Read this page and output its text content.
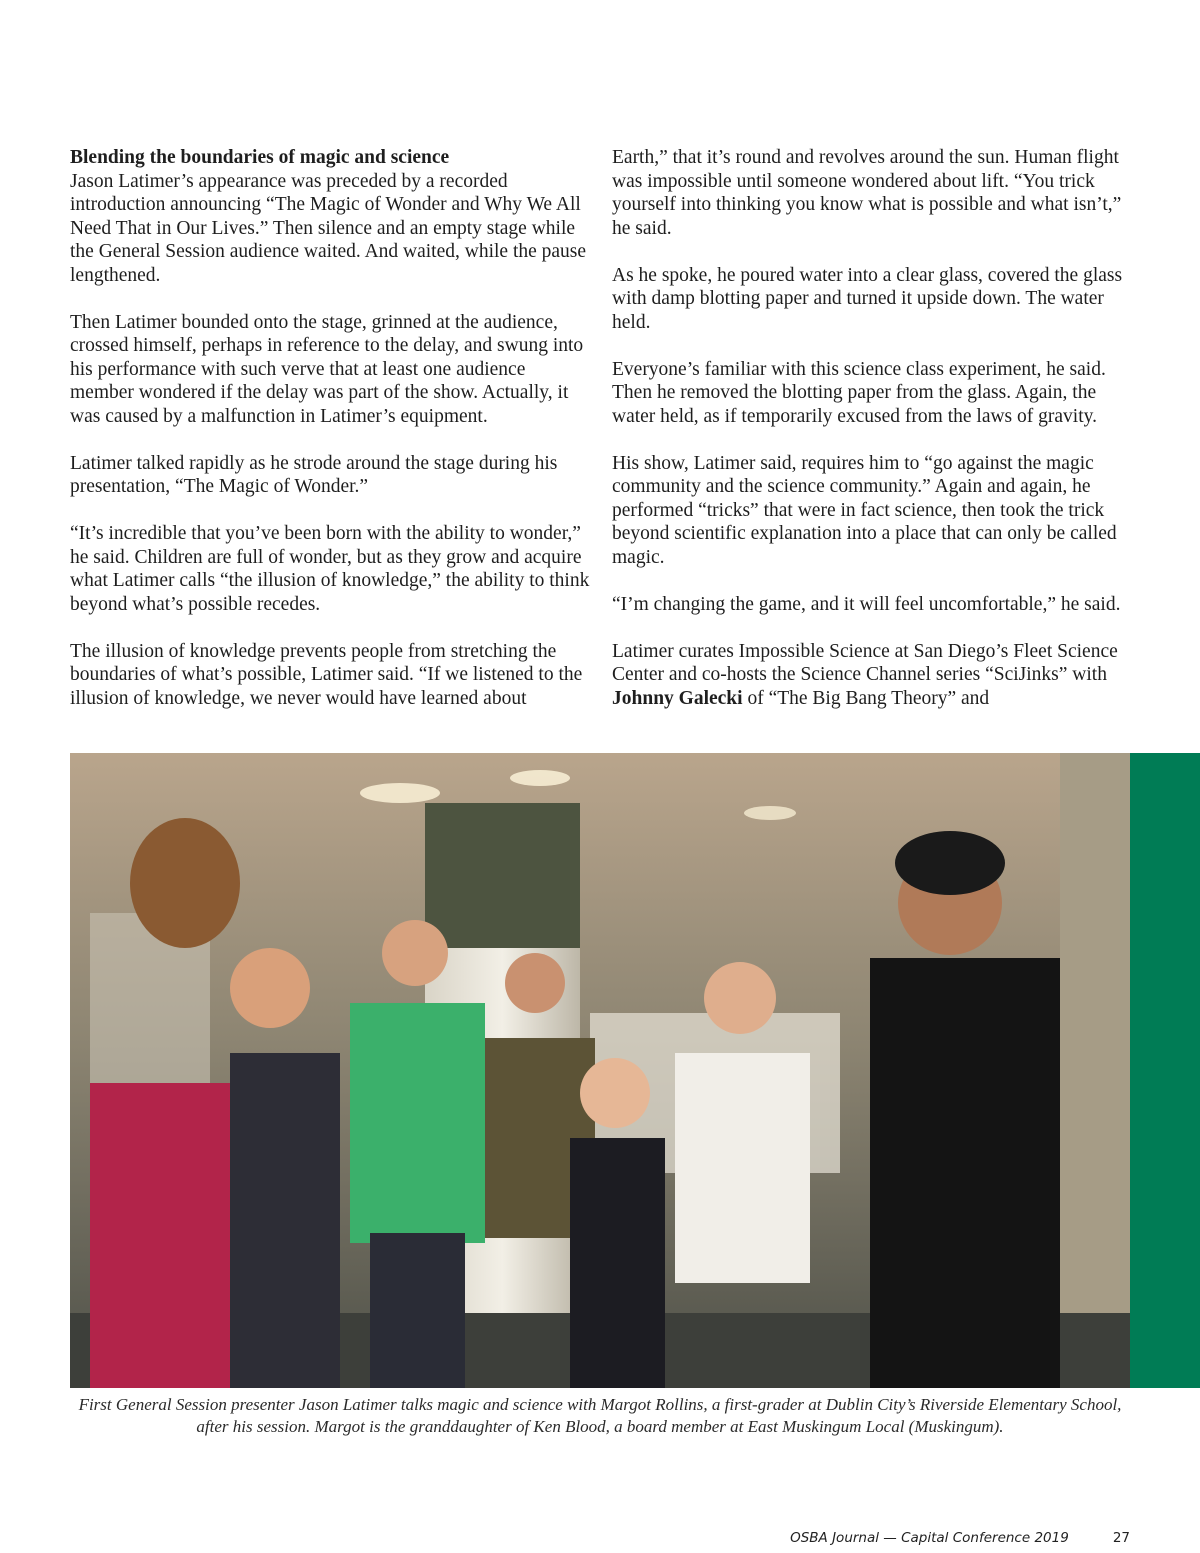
Blending the boundaries of magic and science
Jason Latimer’s appearance was preceded by a recorded introduction announcing “The Magic of Wonder and Why We All Need That in Our Lives.” Then silence and an empty stage while the General Session audience waited. And waited, while the pause lengthened.

Then Latimer bounded onto the stage, grinned at the audience, crossed himself, perhaps in reference to the delay, and swung into his performance with such verve that at least one audience member wondered if the delay was part of the show. Actually, it was caused by a malfunction in Latimer’s equipment.

Latimer talked rapidly as he strode around the stage during his presentation, “The Magic of Wonder.”

“It’s incredible that you’ve been born with the ability to wonder,” he said. Children are full of wonder, but as they grow and acquire what Latimer calls “the illusion of knowledge,” the ability to think beyond what’s possible recedes.

The illusion of knowledge prevents people from stretching the boundaries of what’s possible, Latimer said. “If we listened to the illusion of knowledge, we never would have learned about

Earth,” that it’s round and revolves around the sun. Human flight was impossible until someone wondered about lift. “You trick yourself into thinking you know what is possible and what isn’t,” he said.

As he spoke, he poured water into a clear glass, covered the glass with damp blotting paper and turned it upside down. The water held.

Everyone’s familiar with this science class experiment, he said. Then he removed the blotting paper from the glass. Again, the water held, as if temporarily excused from the laws of gravity.

His show, Latimer said, requires him to “go against the magic community and the science community.” Again and again, he performed “tricks” that were in fact science, then took the trick beyond scientific explanation into a place that can only be called magic.

“I’m changing the game, and it will feel uncomfortable,” he said.

Latimer curates Impossible Science at San Diego’s Fleet Science Center and co-hosts the Science Channel series “SciJinks” with Johnny Galecki of “The Big Bang Theory” and

First General Session presenter Jason Latimer talks magic and science with Margot Rollins, a first-grader at Dublin City’s Riverside Elementary School, after his session. Margot is the granddaughter of Ken Blood, a board member at East Muskingum Local (Muskingum).
OSBA Journal — Capital Conference 2019	27
